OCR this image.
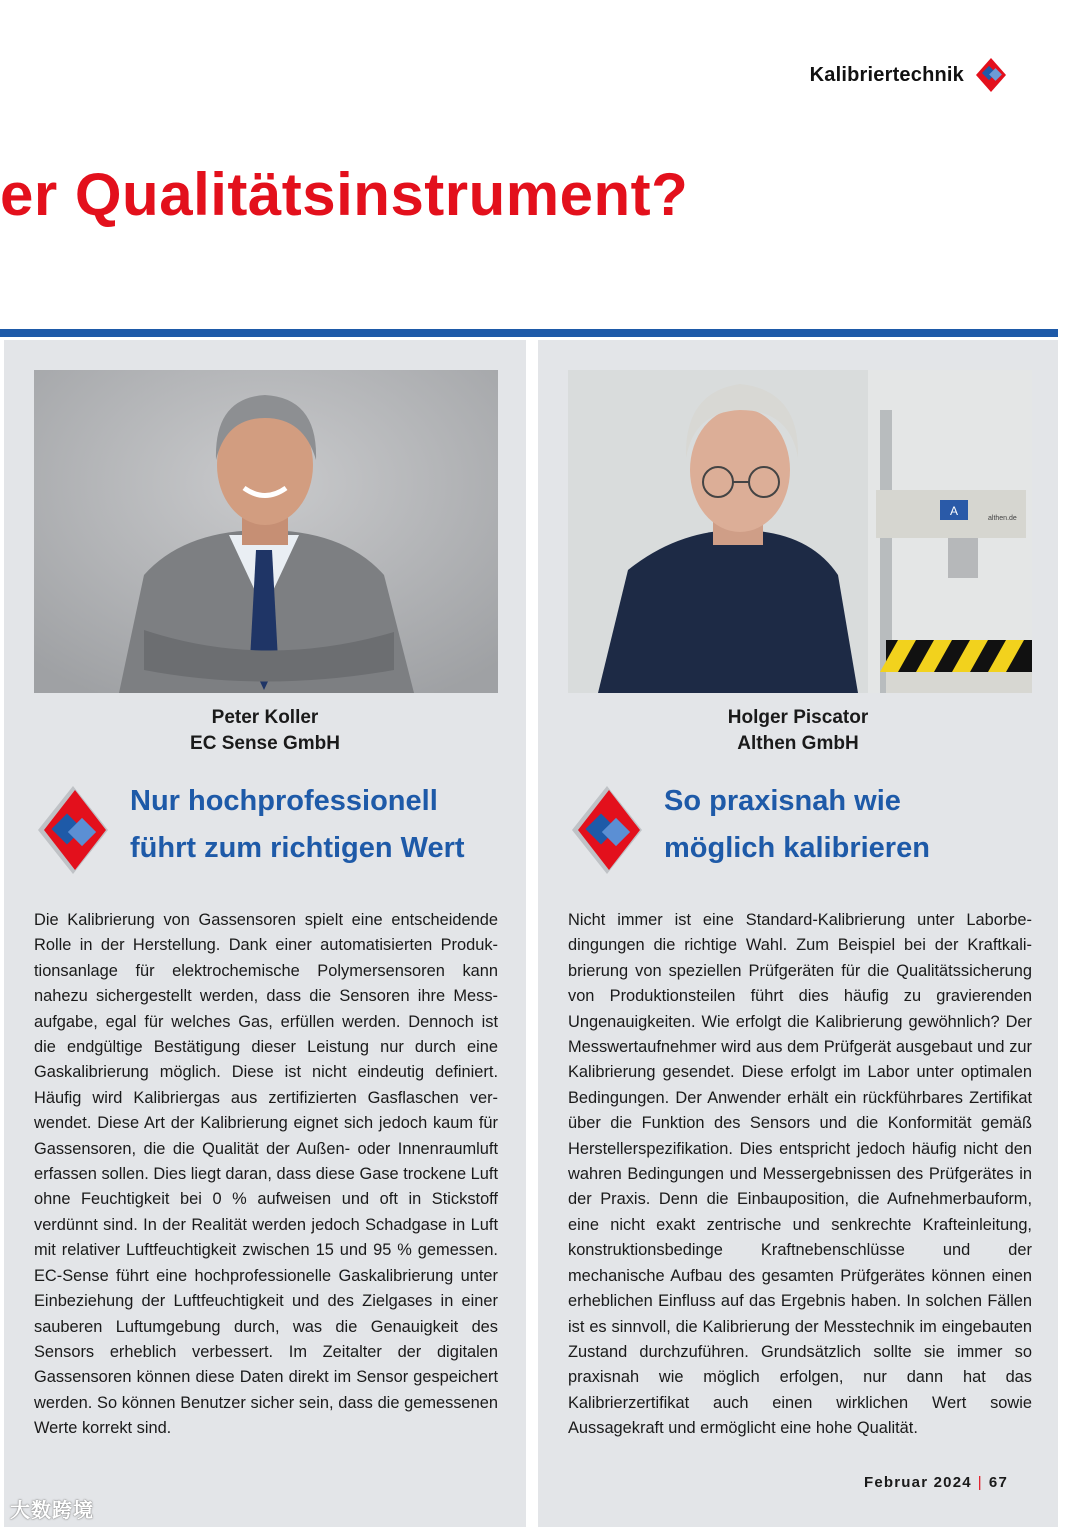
Kalibriertechnik
er Qualitätsinstrument?
Peter Koller
EC Sense GmbH
Nur hochprofessionell
führt zum richtigen Wert

Die Kalibrierung von Gassensoren spielt eine entscheidende Rolle in der Herstellung. Dank einer automatisierten Produktionsanlage für elektrochemische Polymersensoren kann nahezu sichergestellt werden, dass die Sensoren ihre Messaufgabe, egal für welches Gas, erfüllen werden. Dennoch ist die endgültige Bestätigung dieser Leistung nur durch eine Gaskalibrierung möglich. Diese ist nicht eindeutig definiert. Häufig wird Kalibriergas aus zertifizierten Gasflaschen verwendet. Diese Art der Kalibrierung eignet sich jedoch kaum für Gassensoren, die die Qualität der Außen- oder Innenraumluft erfassen sollen. Dies liegt daran, dass diese Gase trockene Luft ohne Feuchtigkeit bei 0 % aufweisen und oft in Stickstoff verdünnt sind. In der Realität werden jedoch Schadgase in Luft mit relativer Luftfeuchtigkeit zwischen 15 und 95 % gemessen. EC-Sense führt eine hochprofessionelle Gaskalibrierung unter Einbeziehung der Luftfeuchtigkeit und des Zielgases in einer sauberen Luftumgebung durch, was die Genauigkeit des Sensors erheblich verbessert. Im Zeitalter der digitalen Gassensoren können diese Daten direkt im Sensor gespeichert werden. So können Benutzer sicher sein, dass die gemessenen Werte korrekt sind.

A
althen.de
Holger Piscator
Althen GmbH
So praxisnah wie
möglich kalibrieren

Nicht immer ist eine Standard-Kalibrierung unter Laborbedingungen die richtige Wahl. Zum Beispiel bei der Kraftkalibrierung von speziellen Prüfgeräten für die Qualitätssicherung von Produktionsteilen führt dies häufig zu gravierenden Ungenauigkeiten. Wie erfolgt die Kalibrierung gewöhnlich? Der Messwertaufnehmer wird aus dem Prüfgerät ausgebaut und zur Kalibrierung gesendet. Diese erfolgt im Labor unter optimalen Bedingungen. Der Anwender erhält ein rückführbares Zertifikat über die Funktion des Sensors und die Konformität gemäß Herstellerspezifikation. Dies entspricht jedoch häufig nicht den wahren Bedingungen und Messergebnissen des Prüfgerätes in der Praxis. Denn die Einbauposition, die Aufnehmerbauform, eine nicht exakt zentrische und senkrechte Krafteinleitung, konstruktionsbedinge Kraftnebenschlüsse und der mechanische Aufbau des gesamten Prüfgerätes können einen erheblichen Einfluss auf das Ergebnis haben. In solchen Fällen ist es sinnvoll, die Kalibrierung der Messtechnik im eingebauten Zustand durchzuführen. Grundsätzlich sollte sie immer so praxisnah wie möglich erfolgen, nur dann hat das Kalibrierzertifikat auch einen wirklichen Wert sowie Aussagekraft und ermöglicht eine hohe Qualität.

Februar 2024 | 67
大数跨境
